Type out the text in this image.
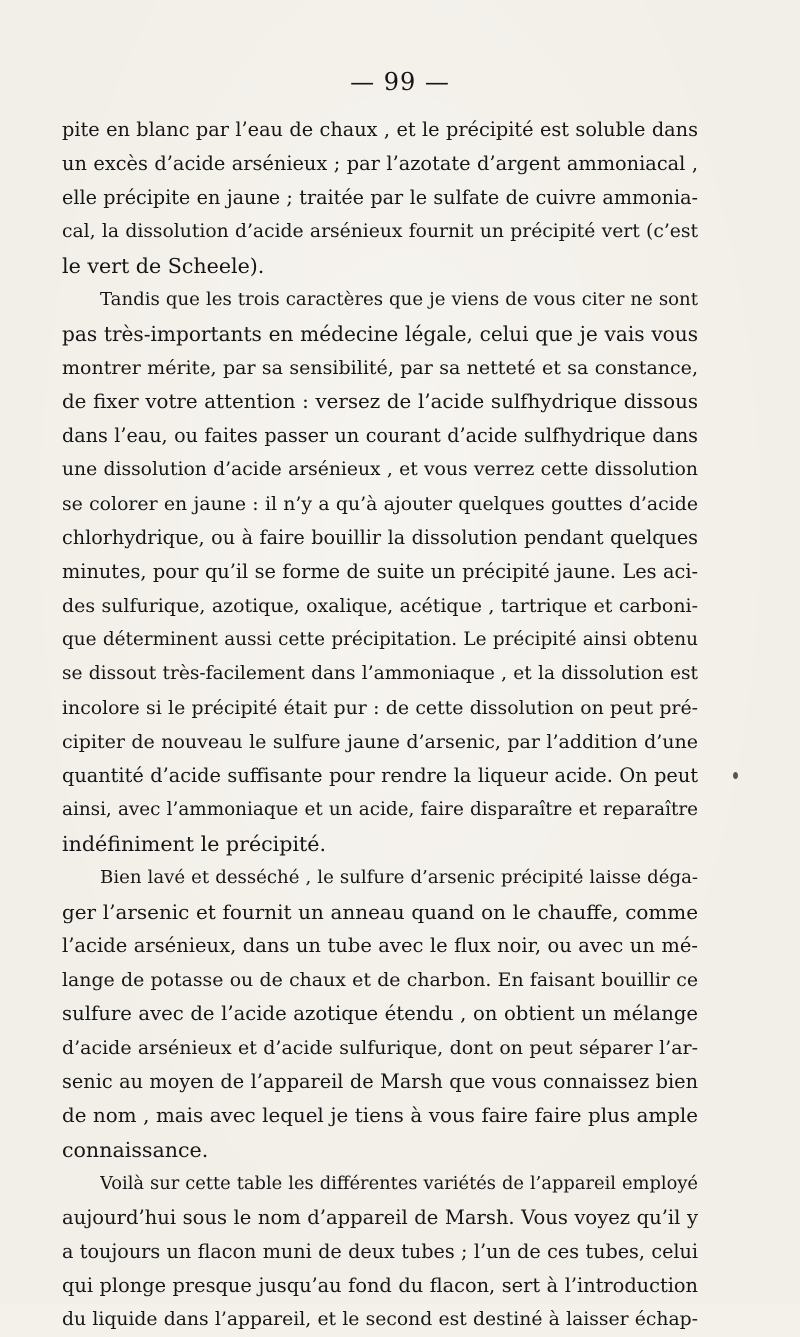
— 99 —
pite en blanc par l’eau de chaux , et le précipité est soluble dans
un excès d’acide arsénieux ; par l’azotate d’argent ammoniacal ,
elle précipite en jaune ; traitée par le sulfate de cuivre ammonia-
cal, la dissolution d’acide arsénieux fournit un précipité vert (c’est
le vert de Scheele).
Tandis que les trois caractères que je viens de vous citer ne sont
pas très-importants en médecine légale, celui que je vais vous
montrer mérite, par sa sensibilité, par sa netteté et sa constance,
de fixer votre attention : versez de l’acide sulfhydrique dissous
dans l’eau, ou faites passer un courant d’acide sulfhydrique dans
une dissolution d’acide arsénieux , et vous verrez cette dissolution
se colorer en jaune : il n’y a qu’à ajouter quelques gouttes d’acide
chlorhydrique, ou à faire bouillir la dissolution pendant quelques
minutes, pour qu’il se forme de suite un précipité jaune. Les aci-
des sulfurique, azotique, oxalique, acétique , tartrique et carboni-
que déterminent aussi cette précipitation. Le précipité ainsi obtenu
se dissout très-facilement dans l’ammoniaque , et la dissolution est
incolore si le précipité était pur : de cette dissolution on peut pré-
cipiter de nouveau le sulfure jaune d’arsenic, par l’addition d’une
quantité d’acide suffisante pour rendre la liqueur acide. On peut
ainsi, avec l’ammoniaque et un acide, faire disparaître et reparaître
indéfiniment le précipité.
Bien lavé et desséché , le sulfure d’arsenic précipité laisse déga-
ger l’arsenic et fournit un anneau quand on le chauffe, comme
l’acide arsénieux, dans un tube avec le flux noir, ou avec un mé-
lange de potasse ou de chaux et de charbon. En faisant bouillir ce
sulfure avec de l’acide azotique étendu , on obtient un mélange
d’acide arsénieux et d’acide sulfurique, dont on peut séparer l’ar-
senic au moyen de l’appareil de Marsh que vous connaissez bien
de nom , mais avec lequel je tiens à vous faire faire plus ample
connaissance.
Voilà sur cette table les différentes variétés de l’appareil employé
aujourd’hui sous le nom d’appareil de Marsh. Vous voyez qu’il y
a toujours un flacon muni de deux tubes ; l’un de ces tubes, celui
qui plonge presque jusqu’au fond du flacon, sert à l’introduction
du liquide dans l’appareil, et le second est destiné à laisser échap-
